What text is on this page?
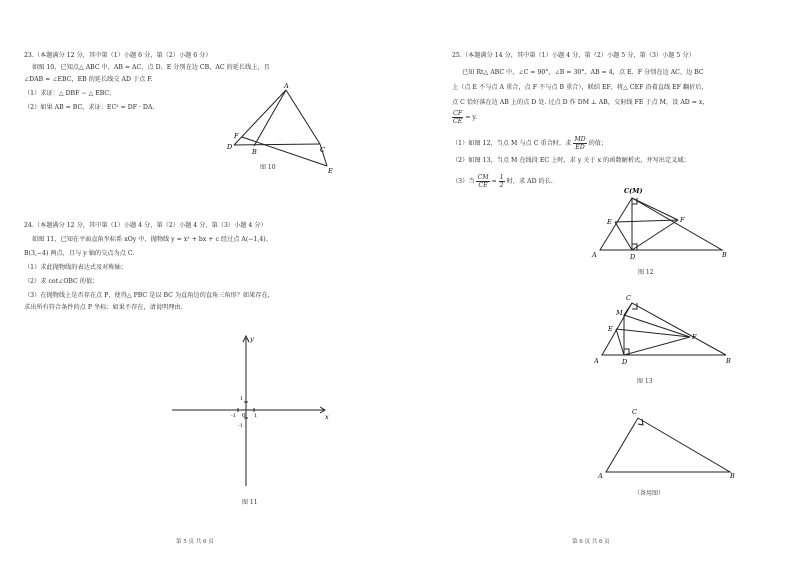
23.（本题满分 12 分，其中第（1）小题 6 分，第（2）小题 6 分）
如图 10，已知点△ ABC 中，AB = AC，点 D、E 分别在边 CB、AC 的延长线上，且
∠DAB = ∠EBC，EB 的延长线交 AD 于点 F.
（1）求证：△ DBF ∽ △ EBC；
（2）如果 AB = BC，求证：EC² = DF · DA.
A
B	C
D
E
F
图 10
24.（本题满分 12 分，其中第（1）小题 4 分，第（2）小题 4 分，第（3）小题 4 分）
如图 11，已知在平面直角坐标系 xOy 中，抛物线 y = x² + bx + c 经过点 A(−1,4)、
B(3,−4) 两点，且与 y 轴的交点为点 C.
（1）求此抛物线的表达式及对称轴；
（2）求 cot∠OBC 的值；
（3）在抛物线上是否存在点 P，使得△ PBC 是以 BC 为直角边的直角三角形？如果存在，
求出所有符合条件的点 P 坐标；如果不存在，请说明理由.
x
y
0
-1	1
1
-1
图 11
第 5 页 共 6 页
25.（本题满分 14 分，其中第（1）小题 4 分，第（2）小题 5 分，第（3）小题 5 分）
已知 Rt△ ABC 中，∠C = 90°，∠B = 30°，AB = 4，点 E、F 分别在边 AC、边 BC
上（点 E 不与点 A 重合，点 F 不与点 B 重合），联结 EF，将△ CEF 沿着直线 EF 翻折后，
点 C 恰好落在边 AB 上的点 D 处. 过点 D 作 DM ⊥ AB，交射线 FE 于点 M，设 AD = x，
$\frac{CF}{CE} = y$.
（1）如图 12，当点 M 与点 C 重合时，求 $\frac{MD}{ED}$ 的值；
（2）如图 13，当点 M 在线段 EC 上时，求 y 关于 x 的函数解析式，并写出定义域；
（3）当 $\frac{CM}{CE} = \frac{1}{2}$ 时，求 AD 的长.
C(M)
A	B
D
E	F
图 12
C
M
A	B
D
E
F
图 13
C
A	B
（备用图）
第 6 页 共 6 页
